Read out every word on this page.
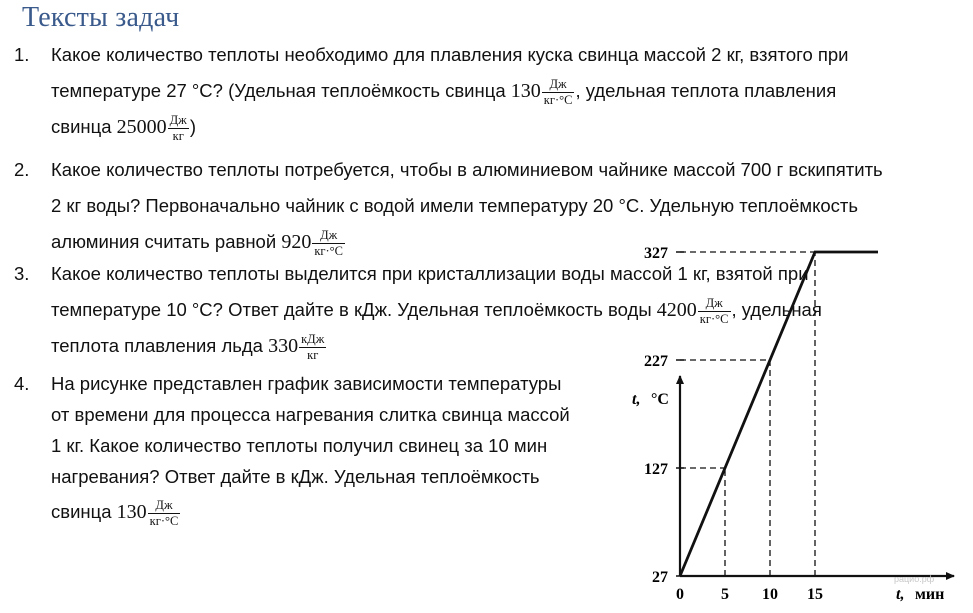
Тексты задач
1.	Какое количество теплоты необходимо для плавления куска свинца массой 2 кг, взятого при
температуре 27 °С? (Удельная теплоёмкость свинца $130 \frac{Дж}{кг\cdot^\circ С}$ , удельная теплота плавления
свинца $25000 \frac{Дж}{кг}$ )
2.	Какое количество теплоты потребуется, чтобы в алюминиевом чайнике массой 700 г вскипятить
2 кг воды? Первоначально чайник с водой имели температуру 20 °С. Удельную теплоёмкость
алюминия считать равной $920 \frac{Дж}{кг\cdot^\circ С}$
3.	Какое количество теплоты выделится при кристаллизации воды массой 1 кг, взятой при
температуре 10 °С? Ответ дайте в кДж. Удельная теплоёмкость воды $4200 \frac{Дж}{кг\cdot^\circ С}$ , удельная
теплота плавления льда $330 \frac{\text{кДж}}{кг}$
4.	На рисунке представлен график зависимости температуры
от времени для процесса нагревания слитка свинца массой
1 кг. Какое количество теплоты получил свинец за 10 мин
нагревания? Ответ дайте в кДж. Удельная теплоёмкость
свинца $130 \frac{Дж}{кг\cdot^\circ С}$
27
127
227
327
0 5 10 15
t, °С
t, мин
рацио.рф
